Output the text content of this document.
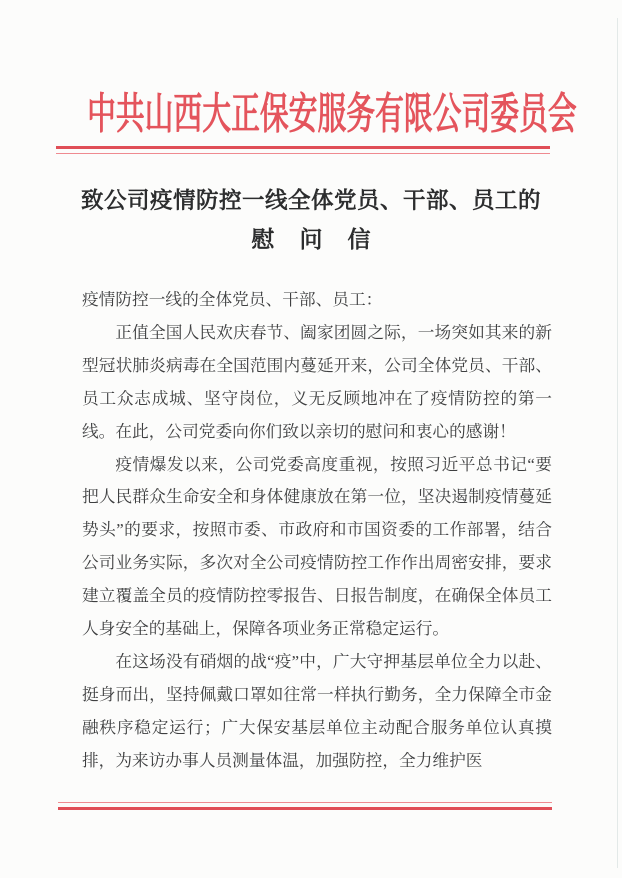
中共山西大正保安服务有限公司委员会
致公司疫情防控一线全体党员、干部、员工的
慰 问 信

疫情防控一线的全体党员、干部、员工：

正值全国人民欢庆春节、阖家团圆之际，一场突如其来的新型冠状肺炎病毒在全国范围内蔓延开来，公司全体党员、干部、员工众志成城、坚守岗位，义无反顾地冲在了疫情防控的第一线。在此，公司党委向你们致以亲切的慰问和衷心的感谢！

疫情爆发以来，公司党委高度重视，按照习近平总书记“要把人民群众生命安全和身体健康放在第一位，坚决遏制疫情蔓延势头”的要求，按照市委、市政府和市国资委的工作部署，结合公司业务实际，多次对全公司疫情防控工作作出周密安排，要求建立覆盖全员的疫情防控零报告、日报告制度，在确保全体员工人身安全的基础上，保障各项业务正常稳定运行。

在这场没有硝烟的战“疫”中，广大守押基层单位全力以赴、挺身而出，坚持佩戴口罩如往常一样执行勤务，全力保障全市金融秩序稳定运行；广大保安基层单位主动配合服务单位认真摸排，为来访办事人员测量体温，加强防控，全力维护医
